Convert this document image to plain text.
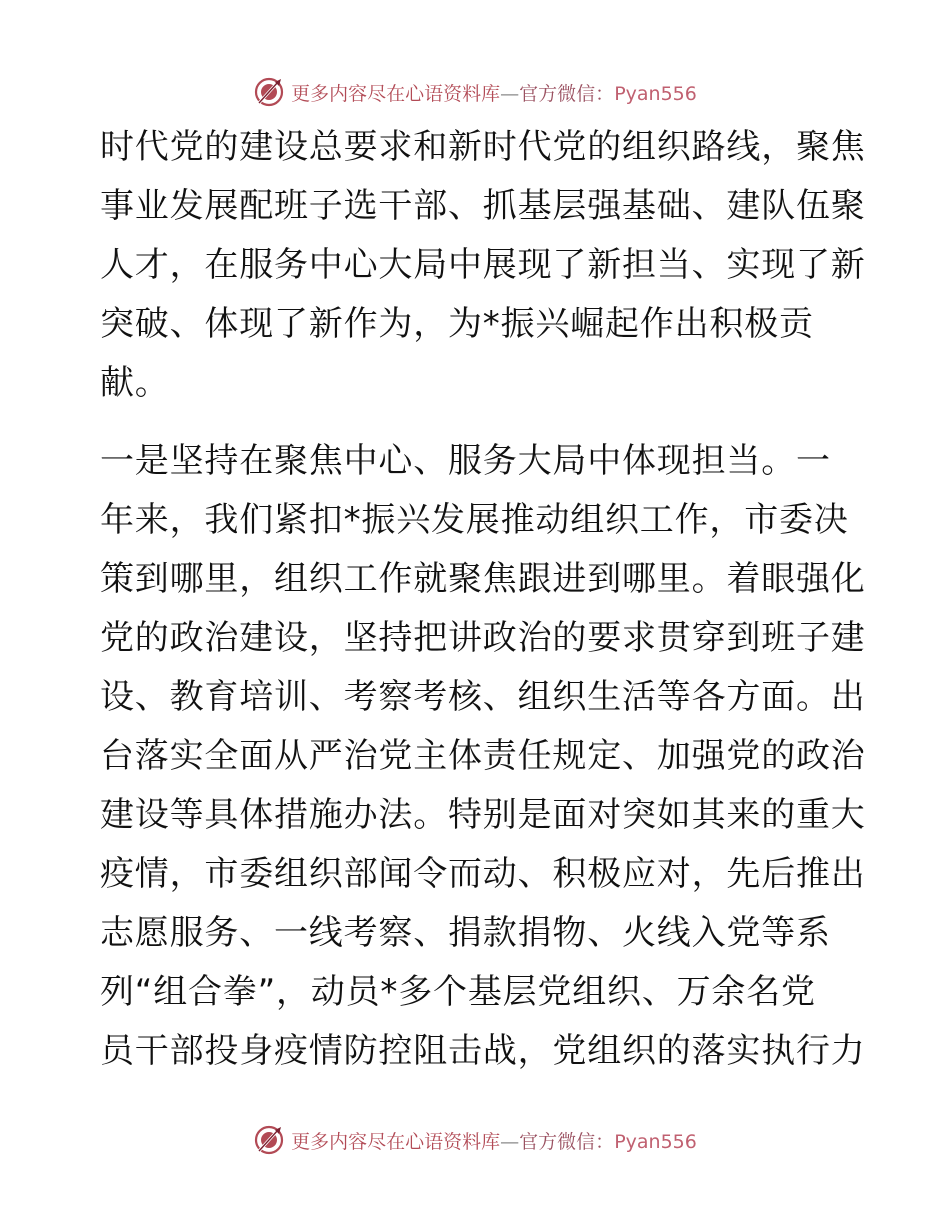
更多内容尽在心语资料库—官方微信：Pyan556
时代党的建设总要求和新时代党的组织路线，聚焦
事业发展配班子选干部、抓基层强基础、建队伍聚
人才，在服务中心大局中展现了新担当、实现了新
突破、体现了新作为，为*振兴崛起作出积极贡
献。
一是坚持在聚焦中心、服务大局中体现担当。一
年来，我们紧扣*振兴发展推动组织工作，市委决
策到哪里，组织工作就聚焦跟进到哪里。着眼强化
党的政治建设，坚持把讲政治的要求贯穿到班子建
设、教育培训、考察考核、组织生活等各方面。出
台落实全面从严治党主体责任规定、加强党的政治
建设等具体措施办法。特别是面对突如其来的重大
疫情，市委组织部闻令而动、积极应对，先后推出
志愿服务、一线考察、捐款捐物、火线入党等系
列“组合拳”，动员*多个基层党组织、万余名党
员干部投身疫情防控阻击战，党组织的落实执行力
更多内容尽在心语资料库—官方微信：Pyan556
